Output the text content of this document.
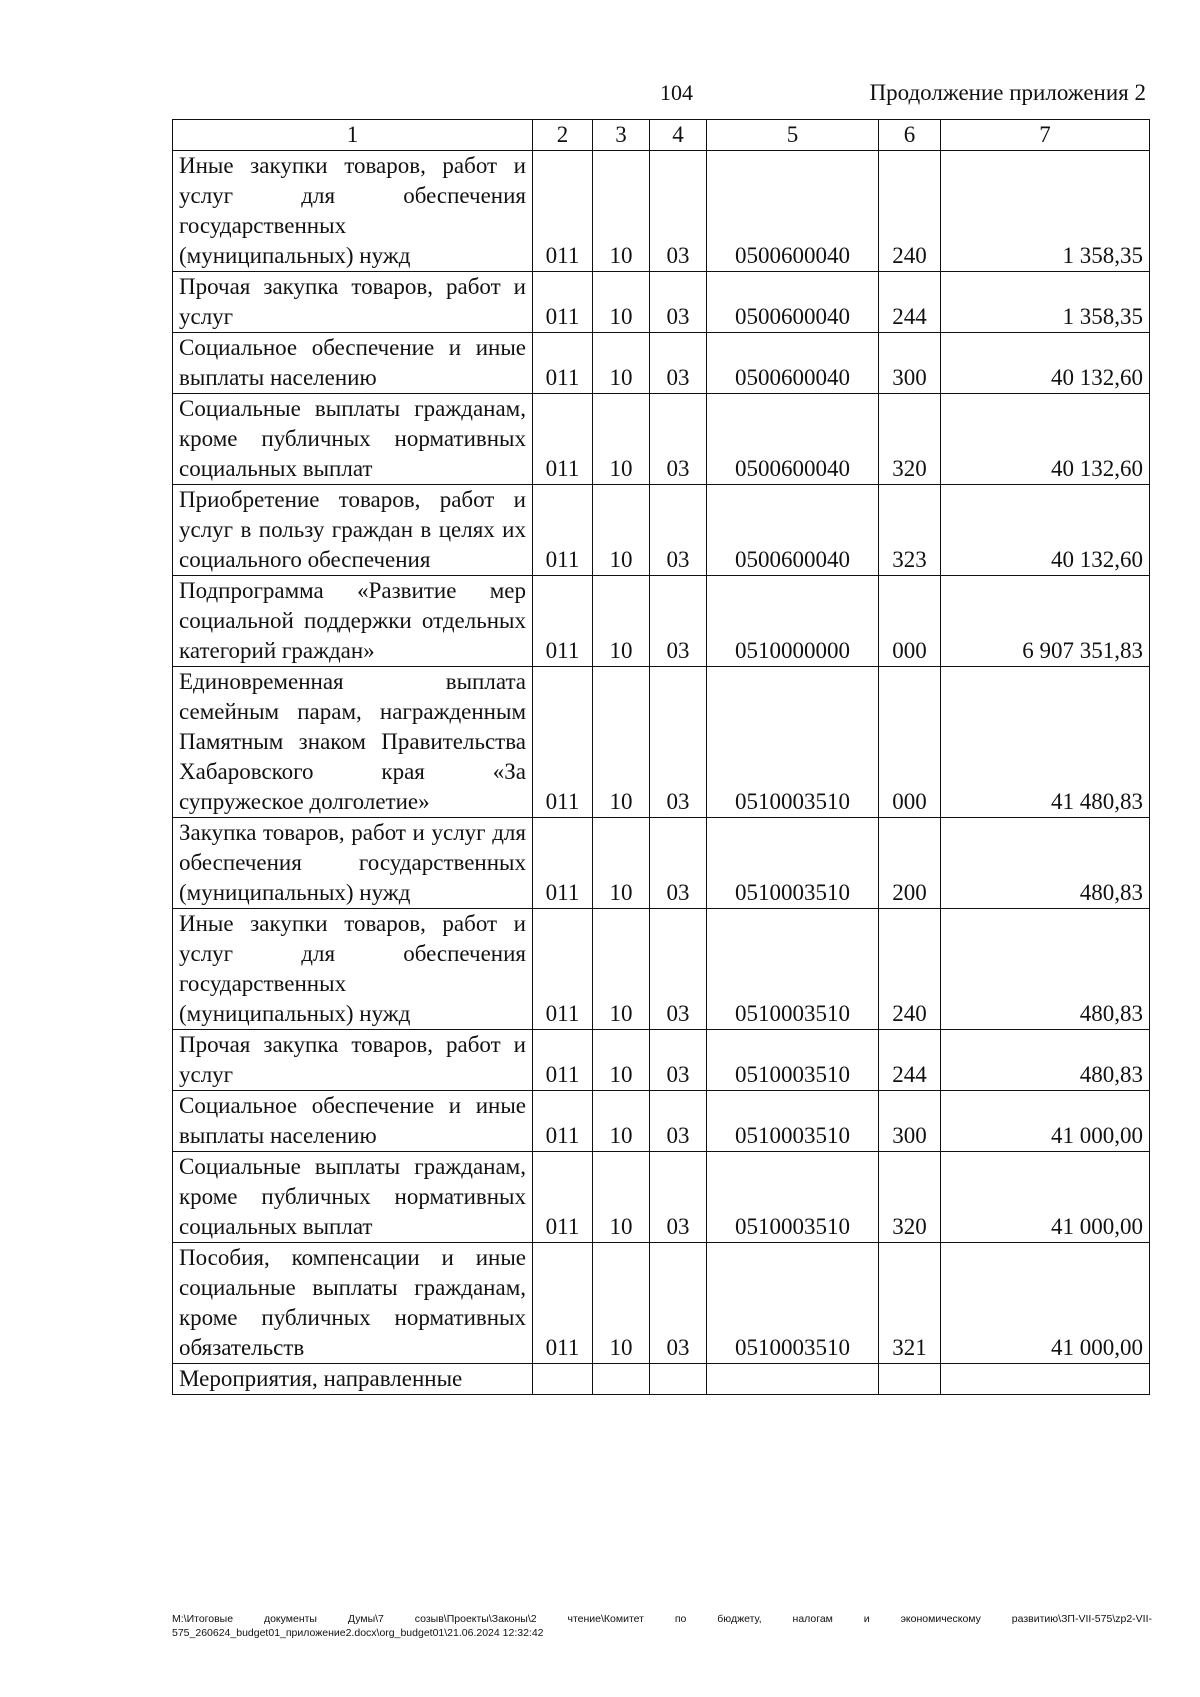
104	Продолжение приложения 2
1	2	3	4	5	6	7
Иные закупки товаров, работ и услуг для обеспечения государственных (муниципальных) нужд	011	10	03	0500600040	240	1 358,35
Прочая закупка товаров, работ и услуг	011	10	03	0500600040	244	1 358,35
Социальное обеспечение и иные выплаты населению	011	10	03	0500600040	300	40 132,60
Социальные выплаты гражданам, кроме публичных нормативных социальных выплат	011	10	03	0500600040	320	40 132,60
Приобретение товаров, работ и услуг в пользу граждан в целях их социального обеспечения	011	10	03	0500600040	323	40 132,60
Подпрограмма «Развитие мер социальной поддержки отдельных категорий граждан»	011	10	03	0510000000	000	6 907 351,83
Единовременная выплата семейным парам, награжденным Памятным знаком Правительства Хабаровского края «За супружеское долголетие»	011	10	03	0510003510	000	41 480,83
Закупка товаров, работ и услуг для обеспечения государственных (муниципальных) нужд	011	10	03	0510003510	200	480,83
Иные закупки товаров, работ и услуг для обеспечения государственных (муниципальных) нужд	011	10	03	0510003510	240	480,83
Прочая закупка товаров, работ и услуг	011	10	03	0510003510	244	480,83
Социальное обеспечение и иные выплаты населению	011	10	03	0510003510	300	41 000,00
Социальные выплаты гражданам, кроме публичных нормативных социальных выплат	011	10	03	0510003510	320	41 000,00
Пособия, компенсации и иные социальные выплаты гражданам, кроме публичных нормативных обязательств	011	10	03	0510003510	321	41 000,00
Мероприятия, направленные						
М:\Итоговые документы Думы\7 созыв\Проекты\Законы\2 чтение\Комитет по бюджету, налогам и экономическому развитию\ЗП-VII-575\zp2-VII-575_260624_budget01_приложение2.docx\org_budget01\21.06.2024 12:32:42
